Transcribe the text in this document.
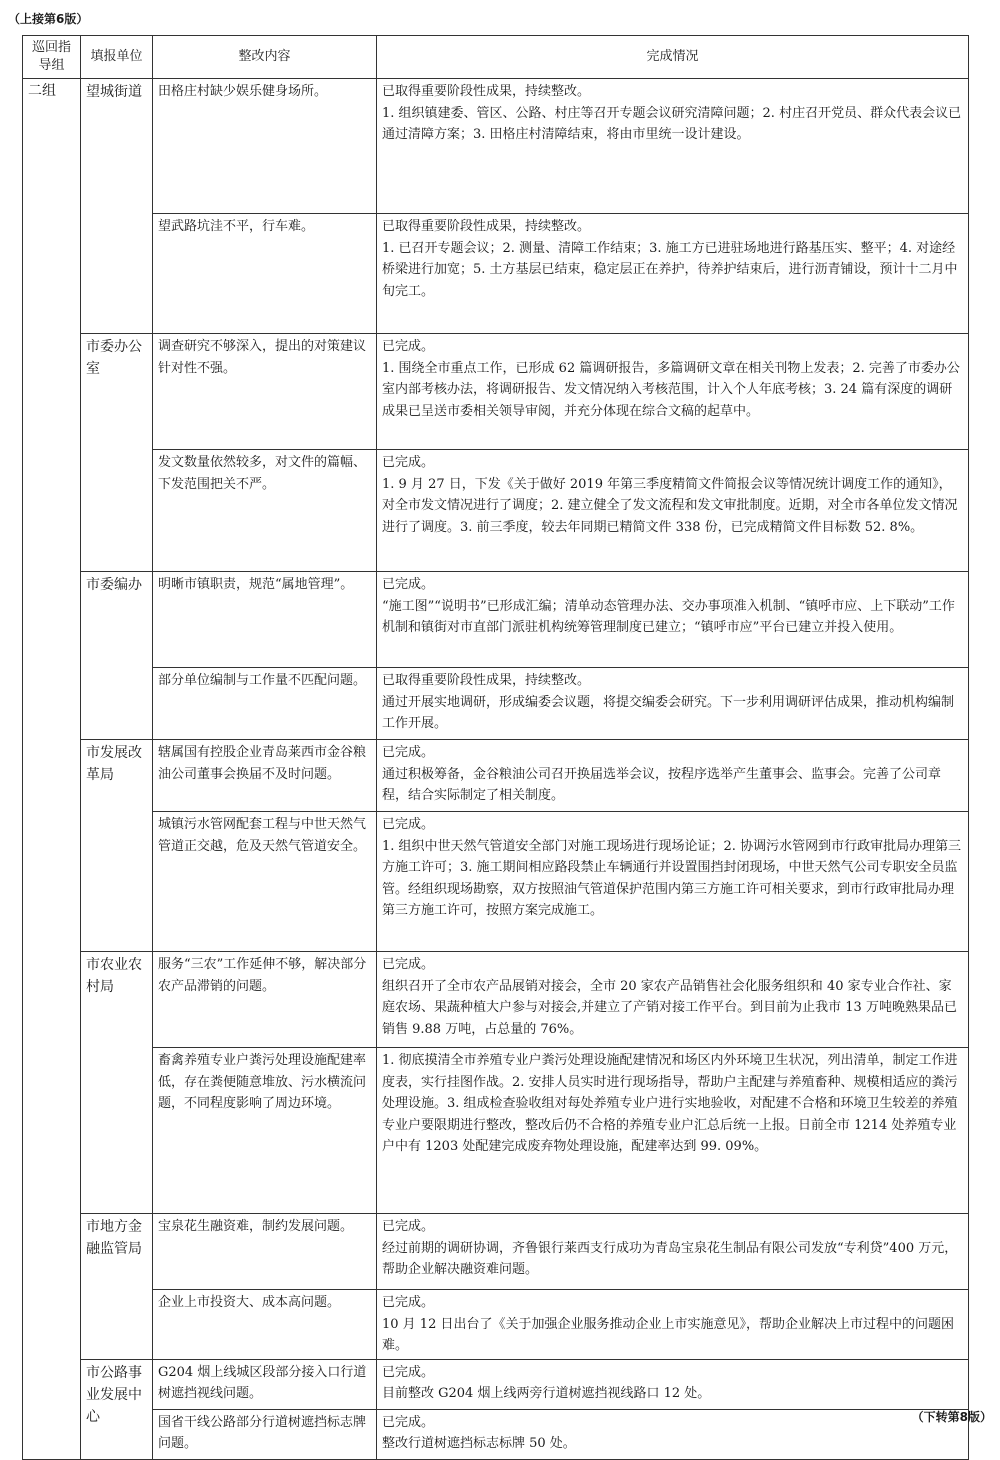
（上接第6版）
巡回指导组	填报单位	整改内容	完成情况
二组	望城街道	田格庄村缺少娱乐健身场所。	已取得重要阶段性成果，持续整改。
1. 组织镇建委、管区、公路、村庄等召开专题会议研究清障问题；2. 村庄召开党员、群众代表会议已通过清障方案；3. 田格庄村清障结束，将由市里统一设计建设。

		望武路坑洼不平，行车难。	已取得重要阶段性成果，持续整改。
1. 已召开专题会议；2. 测量、清障工作结束；3. 施工方已进驻场地进行路基压实、整平；4. 对途经桥梁进行加宽；5. 土方基层已结束，稳定层正在养护，待养护结束后，进行沥青铺设，预计十二月中旬完工。

	市委办公室	调查研究不够深入，提出的对策建议针对性不强。	已完成。
1. 围绕全市重点工作，已形成 62 篇调研报告，多篇调研文章在相关刊物上发表；2. 完善了市委办公室内部考核办法，将调研报告、发文情况纳入考核范围，计入个人年底考核；3. 24 篇有深度的调研成果已呈送市委相关领导审阅，并充分体现在综合文稿的起草中。

		发文数量依然较多，对文件的篇幅、下发范围把关不严。	已完成。
1. 9 月 27 日，下发《关于做好 2019 年第三季度精简文件简报会议等情况统计调度工作的通知》，对全市发文情况进行了调度；2. 建立健全了发文流程和发文审批制度。近期，对全市各单位发文情况进行了调度。3. 前三季度，较去年同期已精简文件 338 份，已完成精简文件目标数 52. 8%。

	市委编办	明晰市镇职责，规范“属地管理”。	已完成。
“施工图”“说明书”已形成汇编；清单动态管理办法、交办事项准入机制、“镇呼市应、上下联动”工作机制和镇街对市直部门派驻机构统筹管理制度已建立；“镇呼市应”平台已建立并投入使用。

		部分单位编制与工作量不匹配问题。	已取得重要阶段性成果，持续整改。
通过开展实地调研，形成编委会议题，将提交编委会研究。下一步利用调研评估成果，推动机构编制工作开展。

	市发展改革局	辖属国有控股企业青岛莱西市金谷粮油公司董事会换届不及时问题。	已完成。
通过积极筹备，金谷粮油公司召开换届选举会议，按程序选举产生董事会、监事会。完善了公司章程，结合实际制定了相关制度。

		城镇污水管网配套工程与中世天然气管道正交越，危及天然气管道安全。	已完成。
1. 组织中世天然气管道安全部门对施工现场进行现场论证；2. 协调污水管网到市行政审批局办理第三方施工许可；3. 施工期间相应路段禁止车辆通行并设置围挡封闭现场，中世天然气公司专职安全员监管。经组织现场勘察，双方按照油气管道保护范围内第三方施工许可相关要求，到市行政审批局办理第三方施工许可，按照方案完成施工。

	市农业农村局	服务“三农”工作延伸不够，解决部分农产品滞销的问题。	已完成。
组织召开了全市农产品展销对接会，全市 20 家农产品销售社会化服务组织和 40 家专业合作社、家庭农场、果蔬种植大户参与对接会,并建立了产销对接工作平台。到目前为止我市 13 万吨晚熟果品已销售 9.88 万吨，占总量的 76%。

		畜禽养殖专业户粪污处理设施配建率低，存在粪便随意堆放、污水横流问题，不同程度影响了周边环境。	1. 彻底摸清全市养殖专业户粪污处理设施配建情况和场区内外环境卫生状况，列出清单，制定工作进度表，实行挂图作战。2. 安排人员实时进行现场指导，帮助户主配建与养殖畜种、规模相适应的粪污处理设施。3. 组成检查验收组对每处养殖专业户进行实地验收，对配建不合格和环境卫生较差的养殖专业户要限期进行整改，整改后仍不合格的养殖专业户汇总后统一上报。日前全市 1214 处养殖专业户中有 1203 处配建完成废弃物处理设施，配建率达到 99. 09%。

	市地方金融监管局	宝泉花生融资难，制约发展问题。	已完成。
经过前期的调研协调，齐鲁银行莱西支行成功为青岛宝泉花生制品有限公司发放“专利贷”400 万元，帮助企业解决融资难问题。

		企业上市投资大、成本高问题。	已完成。
10 月 12 日出台了《关于加强企业服务推动企业上市实施意见》，帮助企业解决上市过程中的问题困难。

	市公路事业发展中心	G204 烟上线城区段部分接入口行道树遮挡视线问题。	已完成。
目前整改 G204 烟上线两旁行道树遮挡视线路口 12 处。

		国省干线公路部分行道树遮挡标志牌问题。	已完成。
整改行道树遮挡标志标牌 50 处。
（下转第8版）
